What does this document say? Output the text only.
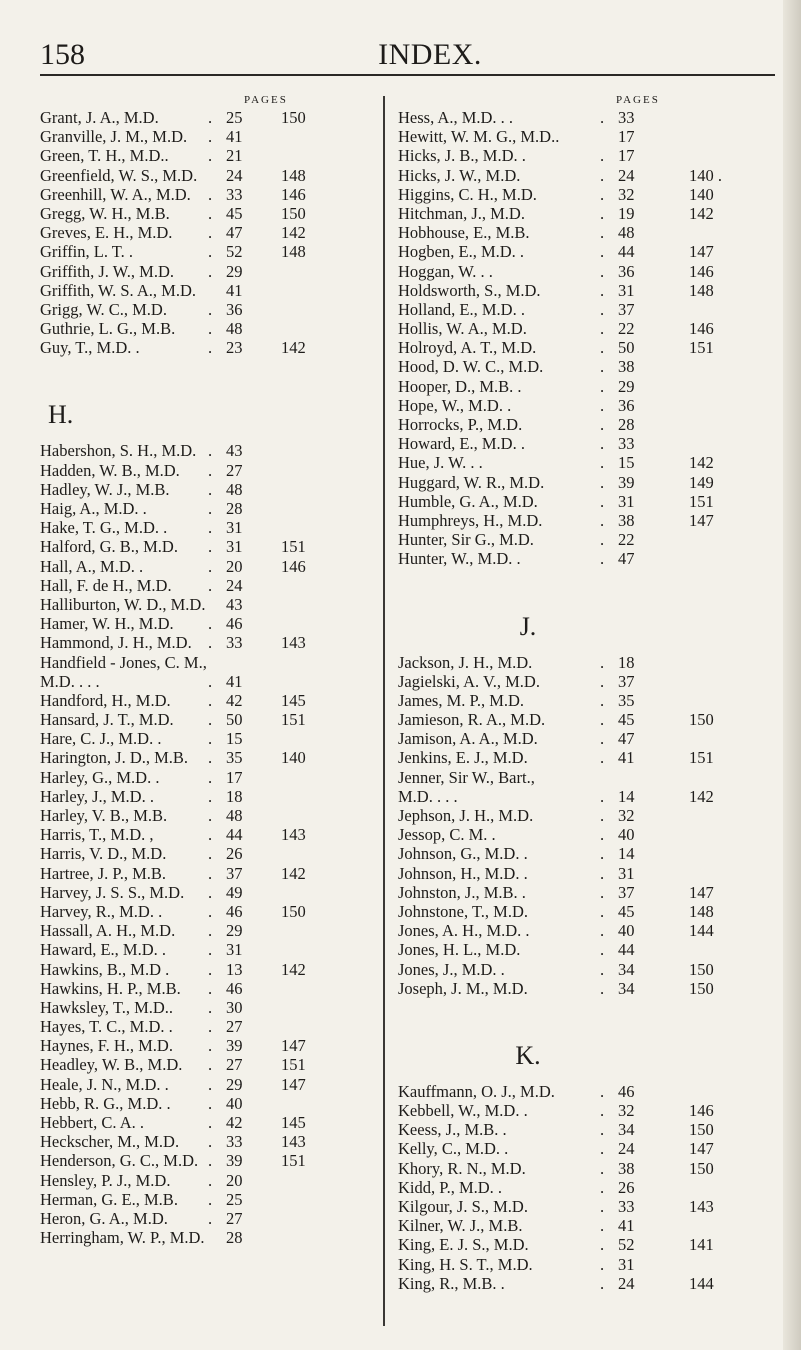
158	INDEX.
PAGES
Grant, J. A., M.D.	. 25 150
Granville, J. M., M.D. . 41
Green, T. H., M.D.. . 21
Greenfield, W. S., M.D. 24 148
Greenhill, W. A., M.D. . 33 146
Gregg, W. H., M.B. . 45 150
Greves, E. H., M.D. . 47 142
Griffin, L. T. .	. 52 148
Griffith, J. W., M.D. . 29
Griffith, W. S. A., M.D. 41
Grigg, W. C., M.D. . 36
Guthrie, L. G., M.B. . 48
Guy, T., M.D. .	. 23 142
H.
Habershon, S. H., M.D. . 43
Hadden, W. B., M.D. . 27
Hadley, W. J., M.B. . 48
Haig, A., M.D. .	. 28
Hake, T. G., M.D. . . 31
Halford, G. B., M.D. . 31 151
Hall, A., M.D. .	. 20 146
Hall, F. de H., M.D. . 24
Halliburton, W. D., M.D. 43
Hamer, W. H., M.D. . 46
Hammond, J. H., M.D. . 33 143
Handfield - Jones, C. M.,
M.D. . . .	. 41
Handford, H., M.D. . 42 145
Hansard, J. T., M.D. . 50 151
Hare, C. J., M.D. .	. 15
Harington, J. D., M.B. . 35 140
Harley, G., M.D. .	. 17
Harley, J., M.D. .	. 18
Harley, V. B., M.B. . 48
Harris, T., M.D. ,	. 44 143
Harris, V. D., M.D.	. 26
Hartree, J. P., M.B.	. 37 142
Harvey, J. S. S., M.D. . 49
Harvey, R., M.D. .	. 46 150
Hassall, A. H., M.D. . 29
Haward, E., M.D. .	. 31
Hawkins, B., M.D . . 13 142
Hawkins, H. P., M.B. . 46
Hawksley, T., M.D.. . 30
Hayes, T. C., M.D. . . 27
Haynes, F. H., M.D. . 39 147
Headley, W. B., M.D. . 27 151
Heale, J. N., M.D. . . 29 147
Hebb, R. G., M.D. . . 40
Hebbert, C. A. .	. 42 145
Heckscher, M., M.D. . 33 143
Henderson, G. C., M.D. . 39 151
Hensley, P. J., M.D. . 20
Herman, G. E., M.B. . 25
Heron, G. A., M.D. . 27
Herringham, W. P., M.D. 28
PAGES
Hess, A., M.D. . .	. 33
Hewitt, W. M. G., M.D..	17
Hicks, J. B., M.D. .	. 17
Hicks, J. W., M.D.	. 24	140 .
Higgins, C. H., M.D.	. 32	140
Hitchman, J., M.D.	. 19	142
Hobhouse, E., M.B.	. 48
Hogben, E., M.D. .	. 44	147
Hoggan, W. . .	. 36	146
Holdsworth, S., M.D.	. 31	148
Holland, E., M.D. .	. 37
Hollis, W. A., M.D.	. 22	146
Holroyd, A. T., M.D.	. 50	151
Hood, D. W. C., M.D.	. 38
Hooper, D., M.B. .	. 29
Hope, W., M.D. .	. 36
Horrocks, P., M.D.	. 28
Howard, E., M.D. .	. 33
Hue, J. W. . .	. 15	142
Huggard, W. R., M.D.	. 39	149
Humble, G. A., M.D.	. 31	151
Humphreys, H., M.D.	. 38	147
Hunter, Sir G., M.D.	. 22
Hunter, W., M.D. .	. 47
J.
Jackson, J. H., M.D.	. 18
Jagielski, A. V., M.D.	. 37
James, M. P., M.D.	. 35
Jamieson, R. A., M.D.	. 45	150
Jamison, A. A., M.D.	. 47
Jenkins, E. J., M.D.	. 41	151
Jenner, Sir W., Bart.,
M.D. . . .	. 14	142
Jephson, J. H., M.D.	. 32
Jessop, C. M. .	. 40
Johnson, G., M.D. .	. 14
Johnson, H., M.D. .	. 31
Johnston, J., M.B. .	. 37	147
Johnstone, T., M.D.	. 45	148
Jones, A. H., M.D. .	. 40	144
Jones, H. L., M.D.	. 44
Jones, J., M.D. .	. 34	150
Joseph, J. M., M.D.	. 34	150
K.
Kauffmann, O. J., M.D.	. 46
Kebbell, W., M.D. .	. 32	146
Keess, J., M.B. .	. 34	150
Kelly, C., M.D. .	. 24	147
Khory, R. N., M.D.	. 38	150
Kidd, P., M.D. .	. 26
Kilgour, J. S., M.D.	. 33	143
Kilner, W. J., M.B.	. 41
King, E. J. S., M.D.	. 52	141
King, H. S. T., M.D.	. 31
King, R., M.B. .	. 24	144
